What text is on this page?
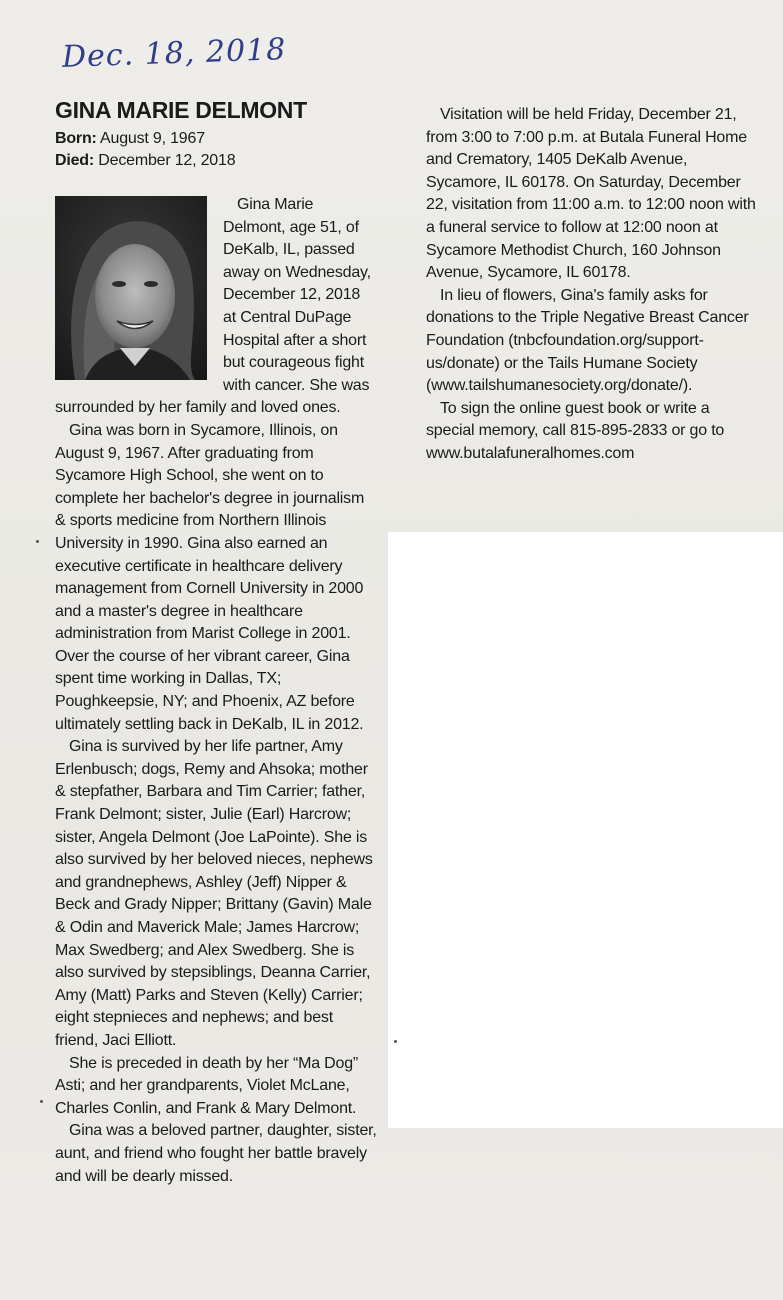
Dec. 18, 2018
GINA MARIE DELMONT
Born: August 9, 1967
Died: December 12, 2018

Gina Marie Delmont, age 51, of DeKalb, IL, passed away on Wednesday, December 12, 2018 at Central DuPage Hospital after a short but courageous fight with cancer. She was surrounded by her family and loved ones.

Gina was born in Sycamore, Illinois, on August 9, 1967. After graduating from Sycamore High School, she went on to complete her bachelor's degree in journalism & sports medicine from Northern Illinois University in 1990. Gina also earned an executive certificate in healthcare delivery management from Cornell University in 2000 and a master's degree in healthcare administration from Marist College in 2001. Over the course of her vibrant career, Gina spent time working in Dallas, TX; Poughkeepsie, NY; and Phoenix, AZ before ultimately settling back in DeKalb, IL in 2012.

Gina is survived by her life partner, Amy Erlenbusch; dogs, Remy and Ahsoka; mother & stepfather, Barbara and Tim Carrier; father, Frank Delmont; sister, Julie (Earl) Harcrow; sister, Angela Delmont (Joe LaPointe). She is also survived by her beloved nieces, nephews and grandnephews, Ashley (Jeff) Nipper & Beck and Grady Nipper; Brittany (Gavin) Male & Odin and Maverick Male; James Harcrow; Max Swedberg; and Alex Swedberg. She is also survived by stepsiblings, Deanna Carrier, Amy (Matt) Parks and Steven (Kelly) Carrier; eight stepnieces and nephews; and best friend, Jaci Elliott.

She is preceded in death by her “Ma Dog” Asti; and her grandparents, Violet McLane, Charles Conlin, and Frank & Mary Delmont.

Gina was a beloved partner, daughter, sister, aunt, and friend who fought her battle bravely and will be dearly missed.

Visitation will be held Friday, December 21, from 3:00 to 7:00 p.m. at Butala Funeral Home and Crematory, 1405 DeKalb Avenue, Sycamore, IL 60178. On Saturday, December 22, visitation from 11:00 a.m. to 12:00 noon with a funeral service to follow at 12:00 noon at Sycamore Methodist Church, 160 Johnson Avenue, Sycamore, IL 60178.

In lieu of flowers, Gina's family asks for donations to the Triple Negative Breast Cancer Foundation (tnbcfoundation.org/support-us/donate) or the Tails Humane Society (www.tailshumanesociety.org/donate/).

To sign the online guest book or write a special memory, call 815-895-2833 or go to www.butalafuneralhomes.com
